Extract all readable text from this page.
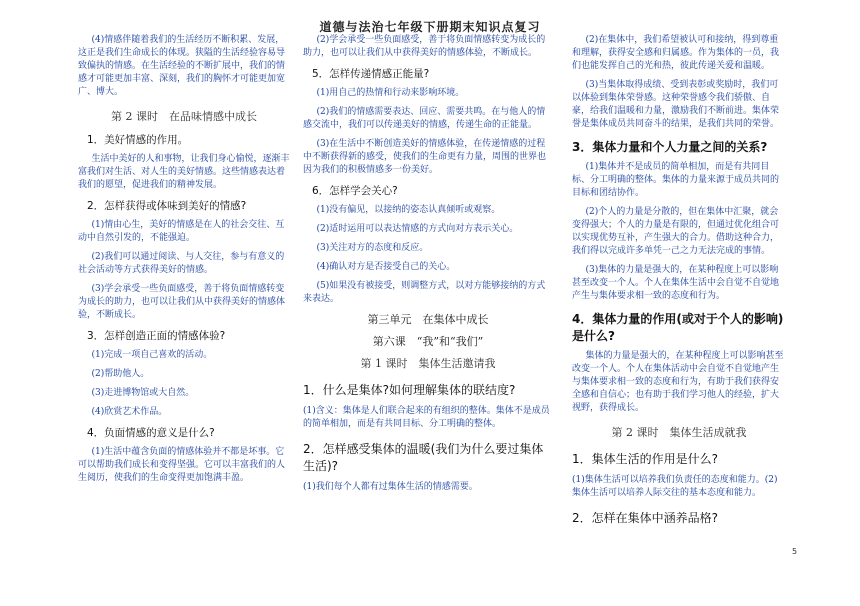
道德与法治七年级下册期末知识点复习

(4)情感伴随着我们的生活经历不断积累、发展，这正是我们生命成长的体现。狭隘的生活经验容易导致偏执的情感。在生活经验的不断扩展中，我们的情感才可能更加丰富、深刻，我们的胸怀才可能更加宽广、博大。

第 2 课时　在品味情感中成长
1．美好情感的作用。

生活中美好的人和事物，让我们身心愉悦，逐渐丰富我们对生活、对人生的美好情感。这些情感表达着我们的愿望，促进我们的精神发展。

2．怎样获得或体味到美好的情感?

(1)情由心生，美好的情感是在人的社会交往、互动中自然引发的，不能强迫。

(2)我们可以通过阅读、与人交往，参与有意义的社会活动等方式获得美好的情感。

(3)学会承受一些负面感受，善于将负面情感转变为成长的助力，也可以让我们从中获得美好的情感体验，不断成长。

3．怎样创造正面的情感体验?

(1)完成一项自己喜欢的活动。

(2)帮助他人。

(3)走进博物馆或大自然。

(4)欣赏艺术作品。

4．负面情感的意义是什么?

(1)生活中蕴含负面的情感体验并不都是坏事。它可以帮助我们成长和变得坚强。它可以丰富我们的人生阅历，使我们的生命变得更加饱满丰盈。

(2)学会承受一些负面感受，善于将负面情感转变为成长的助力，也可以让我们从中获得美好的情感体验，不断成长。

5．怎样传递情感正能量?

(1)用自己的热情和行动来影响环境。

(2)我们的情感需要表达、回应、需要共鸣。在与他人的情感交流中，我们可以传递美好的情感，传递生命的正能量。

(3)在生活中不断创造美好的情感体验，在传递情感的过程中不断获得新的感受，使我们的生命更有力量，周围的世界也因为我们的积极情感多一份美好。

6．怎样学会关心?

(1)没有偏见，以接纳的姿态认真倾听或观察。

(2)适时运用可以表达情感的方式向对方表示关心。

(3)关注对方的态度和反应。

(4)确认对方是否接受自己的关心。

(5)如果没有被接受，则调整方式，以对方能够接纳的方式来表达。

第三单元　在集体中成长
第六课　“我”和“我们”
第 1 课时　集体生活邀请我
1．什么是集体?如何理解集体的联结度?

(1)含义：集体是人们联合起来的有组织的整体。集体不是成员的简单相加，而是有共同目标、分工明确的整体。

2．怎样感受集体的温暖(我们为什么要过集体生活)?

(1)我们每个人都有过集体生活的情感需要。

(2)在集体中，我们希望被认可和接纳，得到尊重和理解，获得安全感和归属感。作为集体的一员，我们也能发挥自己的光和热，彼此传递关爱和温暖。

(3)当集体取得成绩、受到表彰或奖励时，我们可以体验到集体荣誉感。这种荣誉感令我们骄傲、自豪，给我们温暖和力量，激励我们不断前进。集体荣誉是集体成员共同奋斗的结果，是我们共同的荣誉。

3．集体力量和个人力量之间的关系?

(1)集体并不是成员的简单相加，而是有共同目标、分工明确的整体。集体的力量来源于成员共同的目标和团结协作。

(2)个人的力量是分散的，但在集体中汇聚，就会变得强大；个人的力量是有限的，但通过优化组合可以实现优势互补，产生强大的合力。借助这种合力，我们得以完成许多单凭一己之力无法完成的事情。

(3)集体的力量是强大的，在某种程度上可以影响甚至改变一个人。个人在集体生活中会自觉不自觉地产生与集体要求相一致的态度和行为。

4．集体力量的作用(或对于个人的影响)是什么?

集体的力量是强大的，在某种程度上可以影响甚至改变一个人。个人在集体活动中会自觉不自觉地产生与集体要求相一致的态度和行为，有助于我们获得安全感和自信心；也有助于我们学习他人的经验，扩大视野，获得成长。

第 2 课时　集体生活成就我
1．集体生活的作用是什么?

(1)集体生活可以培养我们负责任的态度和能力。(2)集体生活可以培养人际交往的基本态度和能力。

2．怎样在集体中涵养品格?
5
